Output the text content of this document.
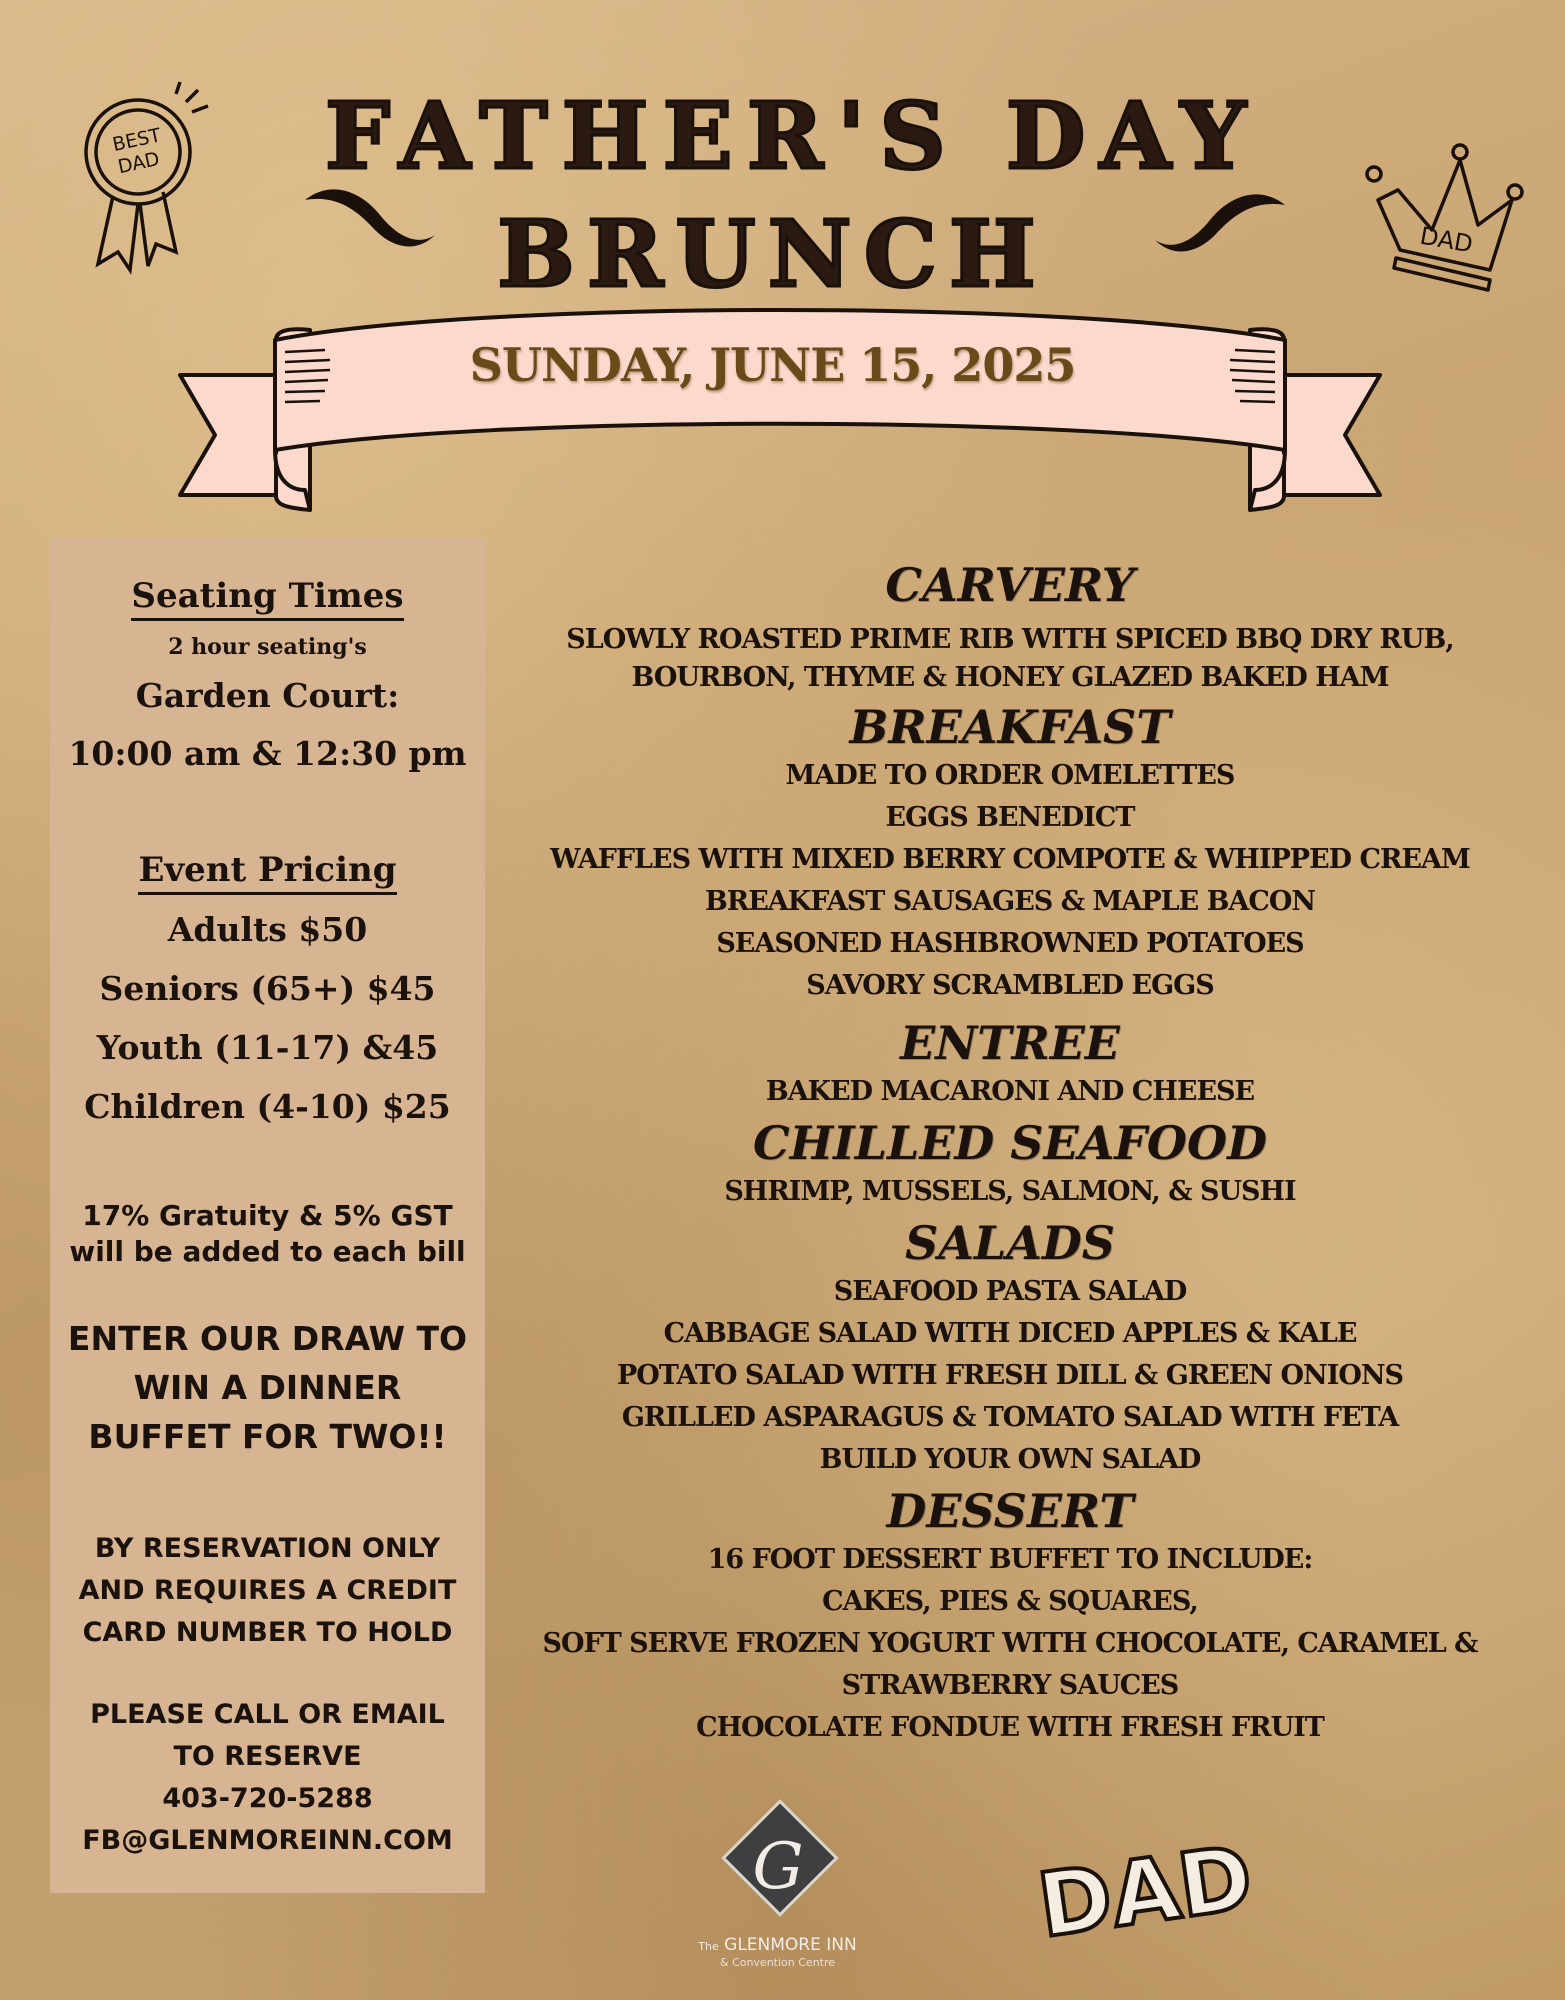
BEST
DAD
DAD
FATHER'S DAY
BRUNCH
SUNDAY, JUNE 15, 2025
Seating Times
2 hour seating's
Garden Court:
10:00 am & 12:30 pm
Event Pricing
Adults $50
Seniors (65+) $45
Youth (11-17) &45
Children (4-10) $25
17% Gratuity & 5% GST
will be added to each bill
ENTER OUR DRAW TO
WIN A DINNER
BUFFET FOR TWO!!
BY RESERVATION ONLY
AND REQUIRES A CREDIT
CARD NUMBER TO HOLD
PLEASE CALL OR EMAIL
TO RESERVE
403-720-5288
FB@GLENMOREINN.COM
CARVERY
SLOWLY ROASTED PRIME RIB WITH SPICED BBQ DRY RUB,
BOURBON, THYME & HONEY GLAZED BAKED HAM
BREAKFAST
MADE TO ORDER OMELETTES
EGGS BENEDICT
WAFFLES WITH MIXED BERRY COMPOTE & WHIPPED CREAM
BREAKFAST SAUSAGES & MAPLE BACON
SEASONED HASHBROWNED POTATOES
SAVORY SCRAMBLED EGGS
ENTREE
BAKED MACARONI AND CHEESE
CHILLED SEAFOOD
SHRIMP, MUSSELS, SALMON, & SUSHI
SALADS
SEAFOOD PASTA SALAD
CABBAGE SALAD WITH DICED APPLES & KALE
POTATO SALAD WITH FRESH DILL & GREEN ONIONS
GRILLED ASPARAGUS & TOMATO SALAD WITH FETA
BUILD YOUR OWN SALAD
DESSERT
16 FOOT DESSERT BUFFET TO INCLUDE:
CAKES, PIES & SQUARES,
SOFT SERVE FROZEN YOGURT WITH CHOCOLATE, CARAMEL &
STRAWBERRY SAUCES
CHOCOLATE FONDUE WITH FRESH FRUIT
G
The GLENMORE INN
& Convention Centre
DAD
